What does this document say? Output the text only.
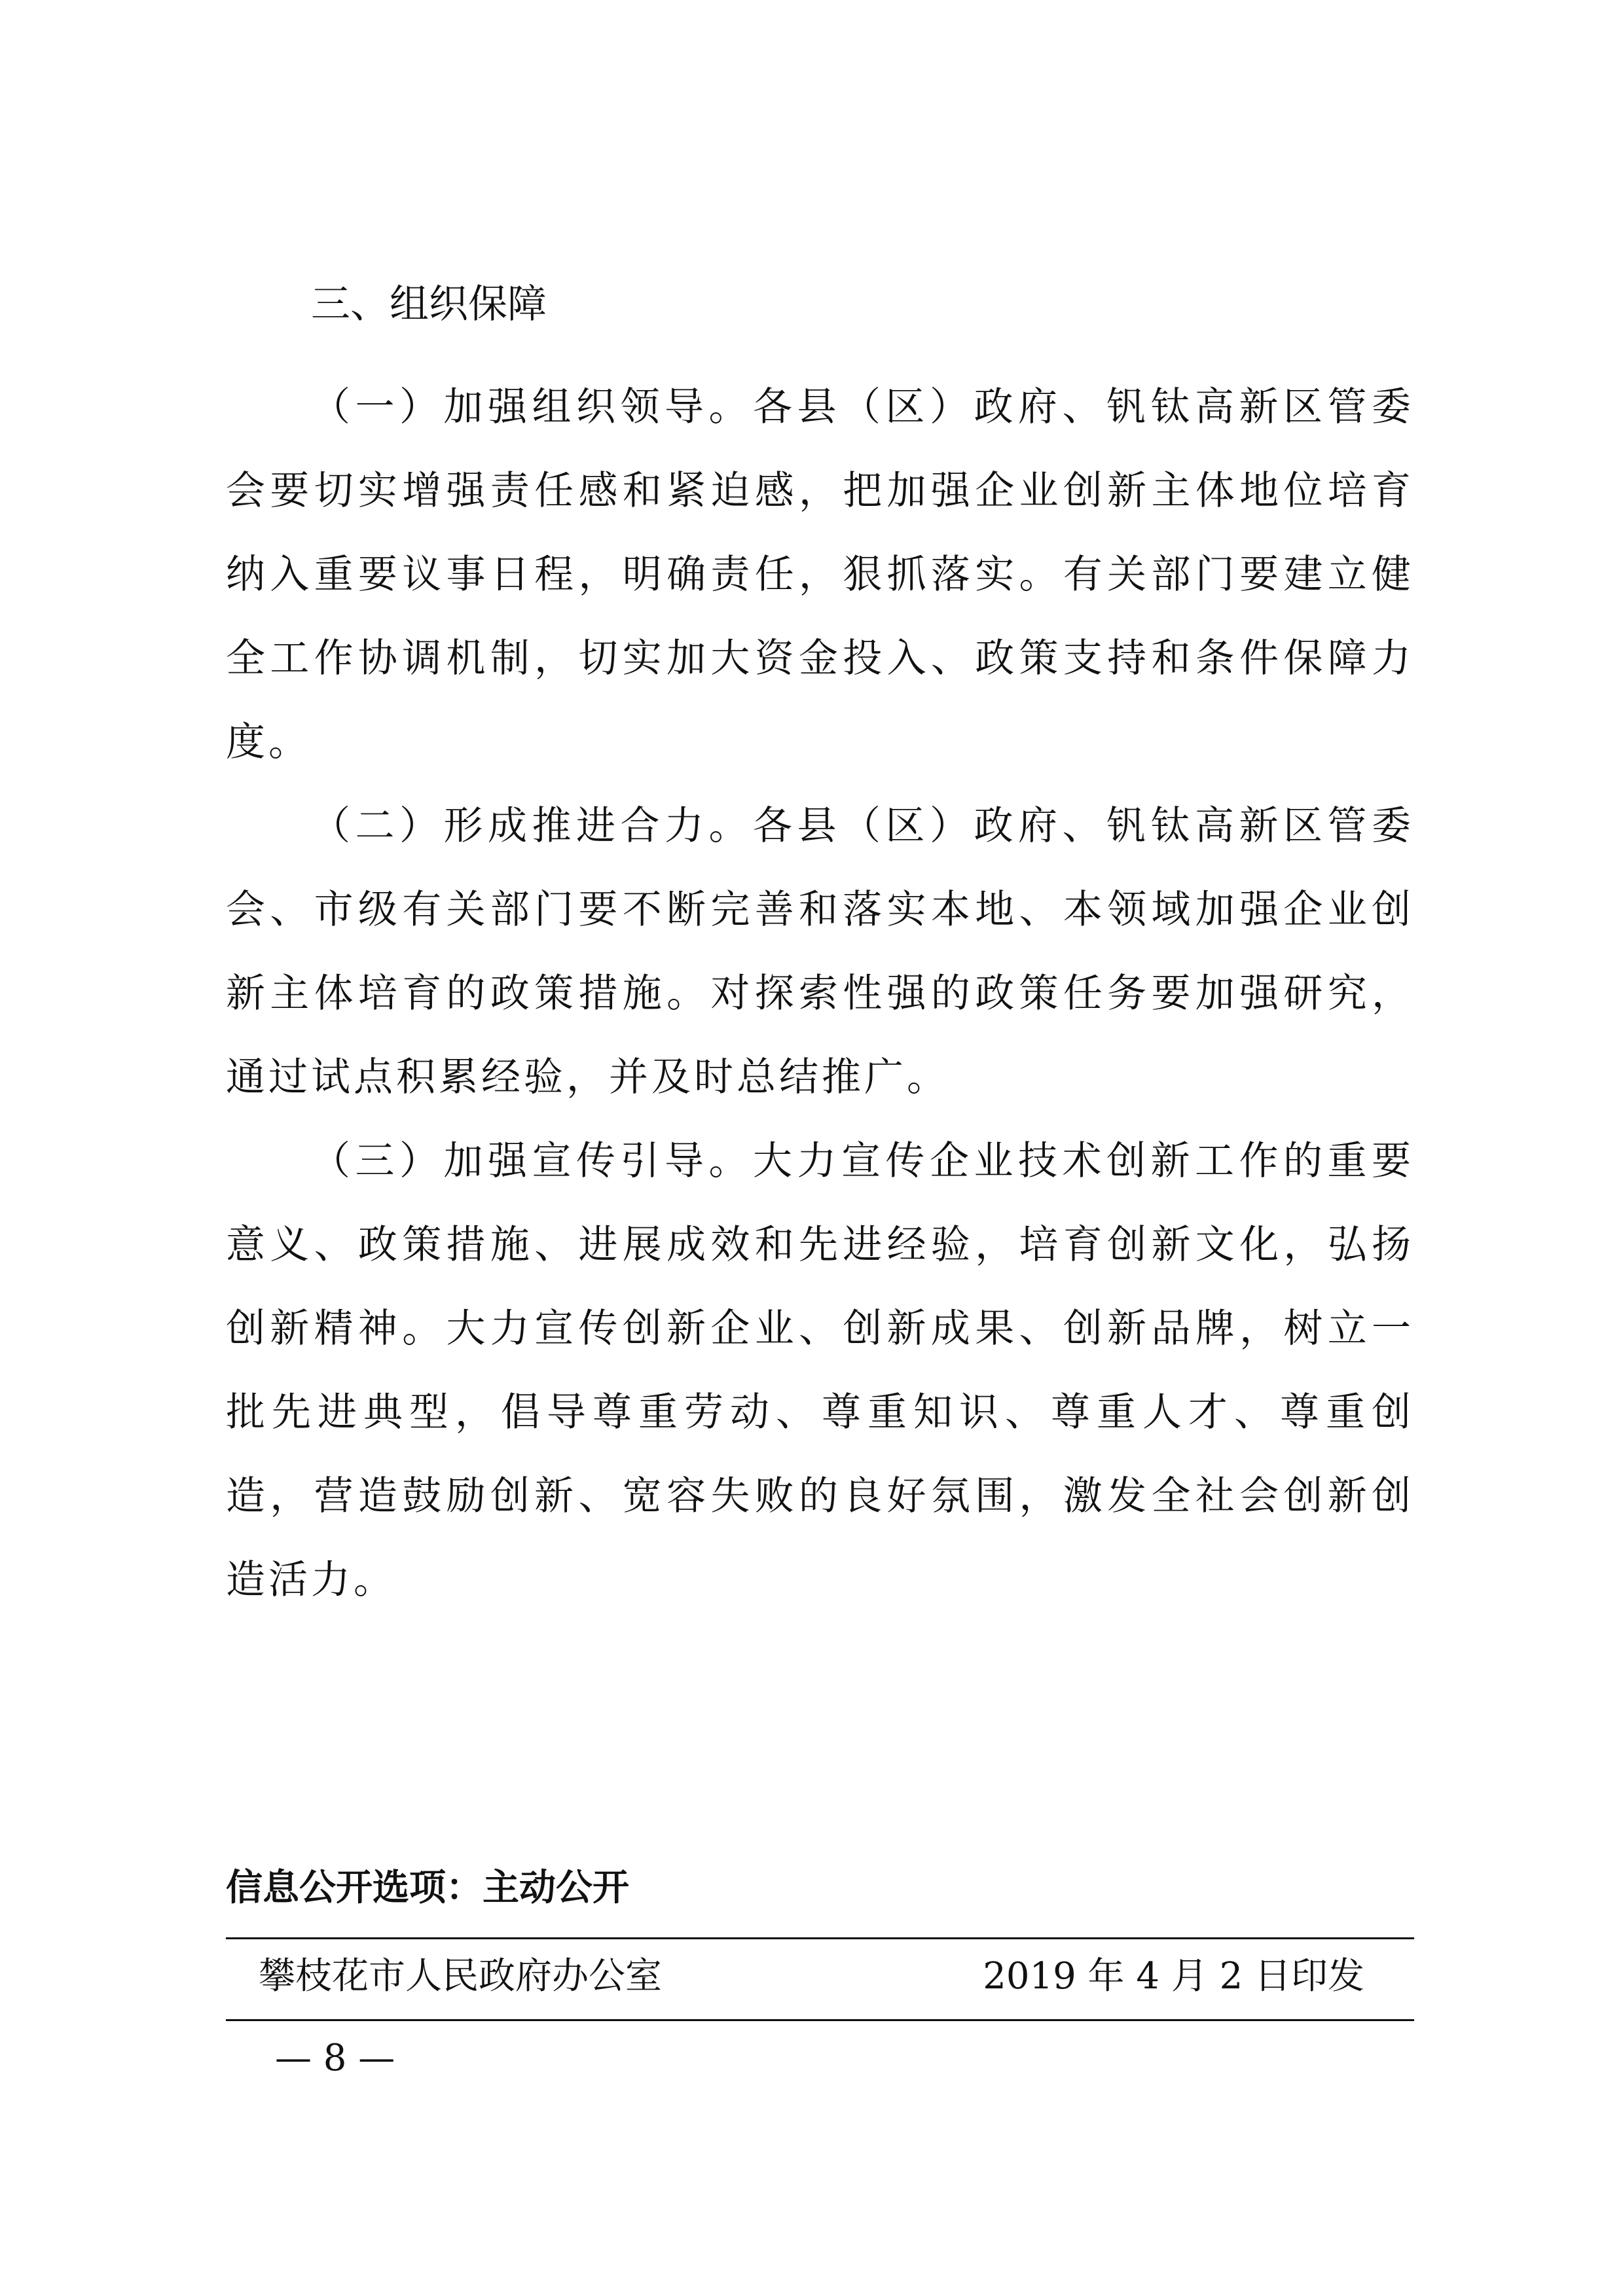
三、组织保障

（一）加强组织领导。各县（区）政府、钒钛高新区管委会要切实增强责任感和紧迫感，把加强企业创新主体地位培育纳入重要议事日程，明确责任，狠抓落实。有关部门要建立健全工作协调机制，切实加大资金投入、政策支持和条件保障力度。

（二）形成推进合力。各县（区）政府、钒钛高新区管委会、市级有关部门要不断完善和落实本地、本领域加强企业创新主体培育的政策措施。对探索性强的政策任务要加强研究，通过试点积累经验，并及时总结推广。

（三）加强宣传引导。大力宣传企业技术创新工作的重要意义、政策措施、进展成效和先进经验，培育创新文化，弘扬创新精神。大力宣传创新企业、创新成果、创新品牌，树立一批先进典型，倡导尊重劳动、尊重知识、尊重人才、尊重创造，营造鼓励创新、宽容失败的良好氛围，激发全社会创新创造活力。

信息公开选项：主动公开
攀枝花市人民政府办公室	2019 年 4 月 2 日印发
— 8 —
